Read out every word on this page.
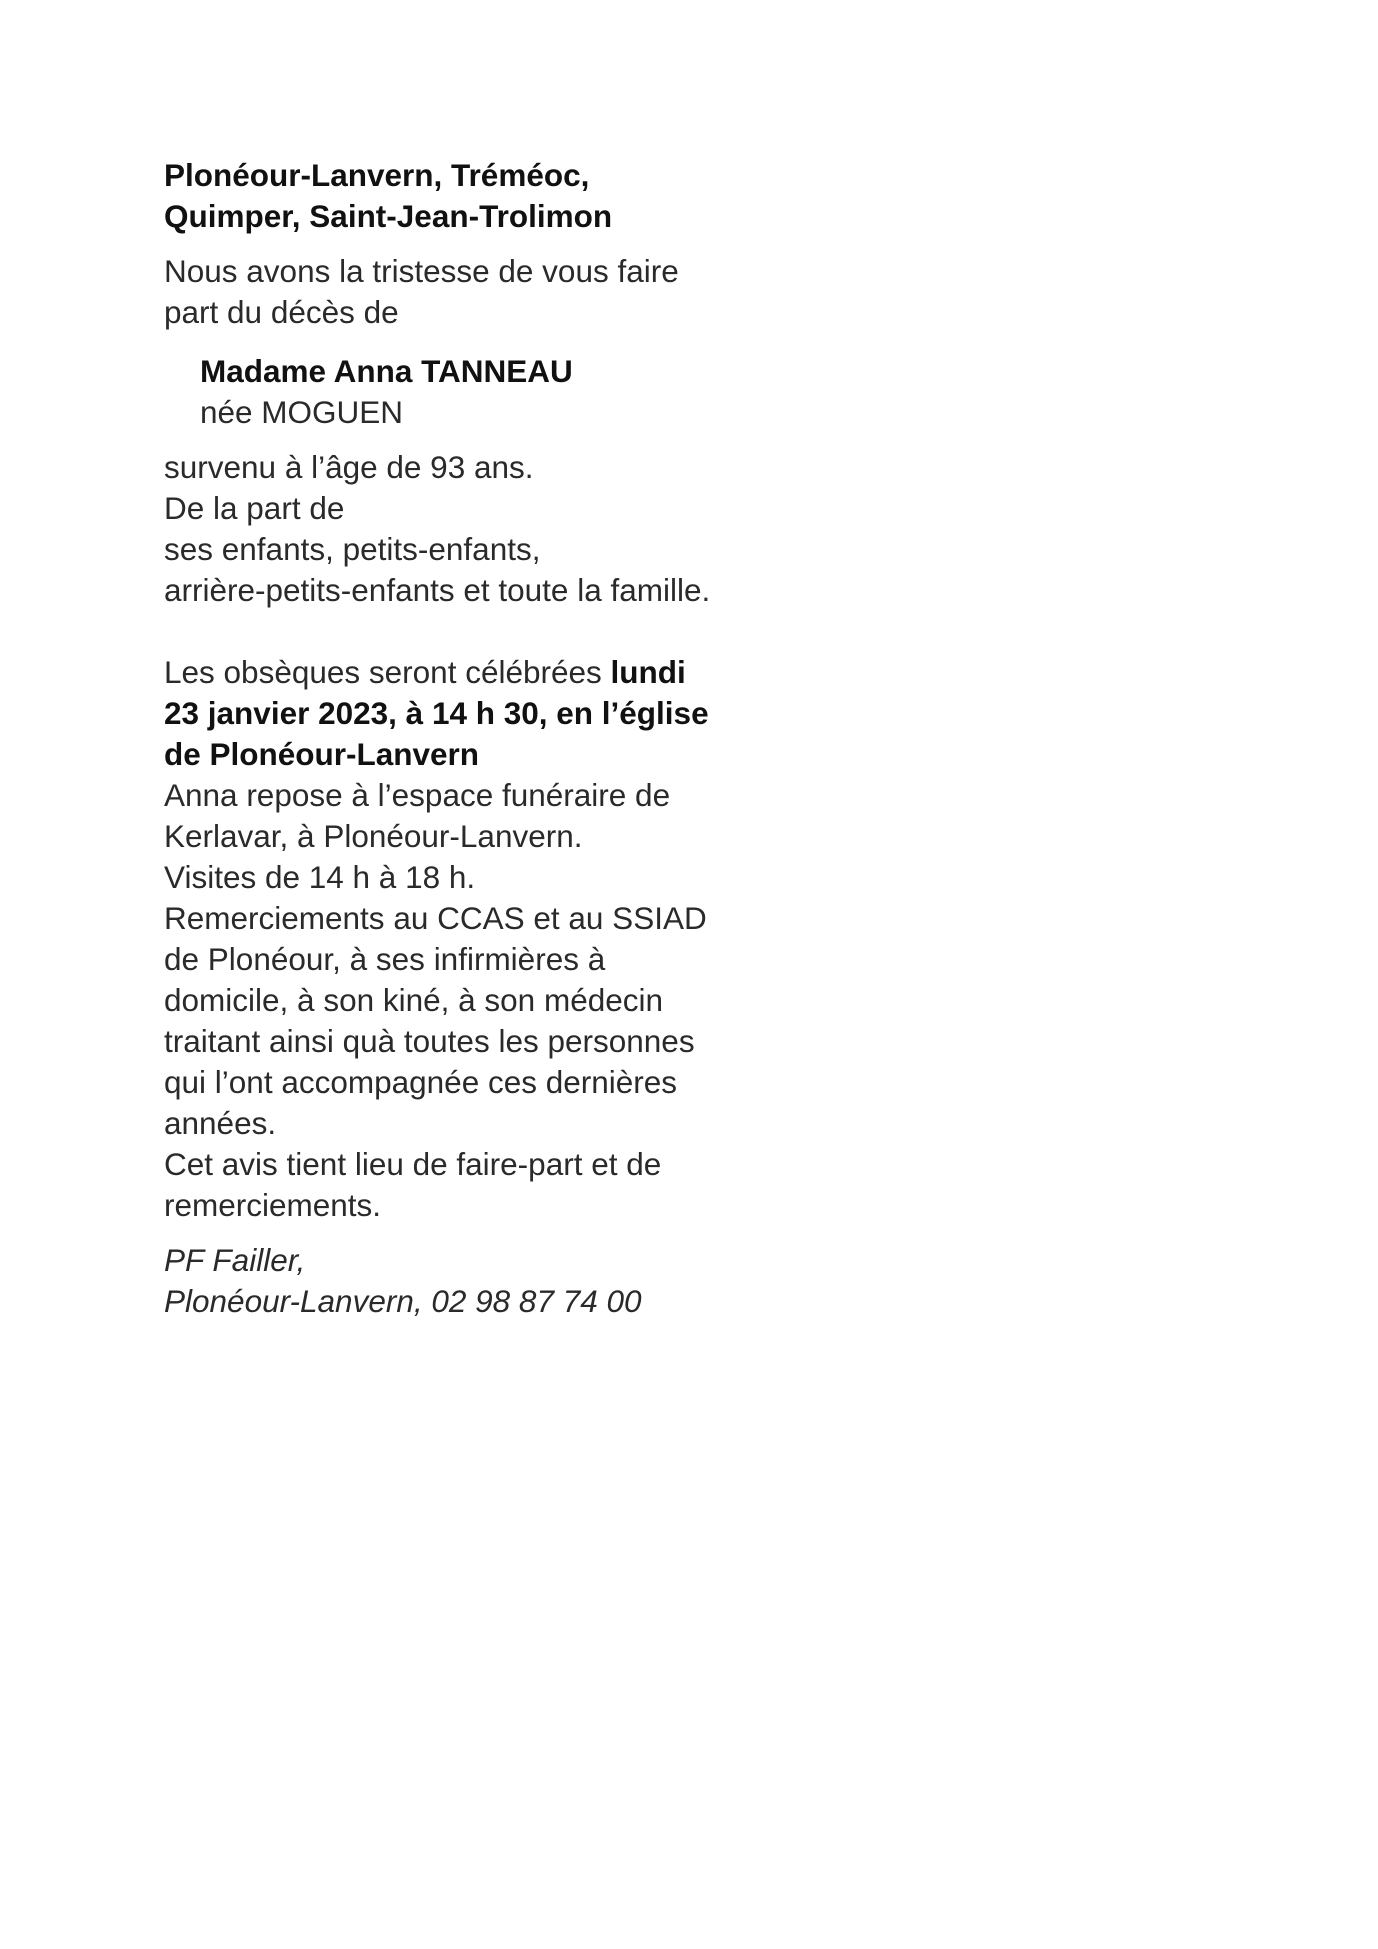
Plonéour-Lanvern, Tréméoc,
Quimper, Saint-Jean-Trolimon
Nous avons la tristesse de vous faire
part du décès de
Madame Anna TANNEAU
née MOGUEN
survenu à l’âge de 93 ans.
De la part de
ses enfants, petits-enfants,
arrière-petits-enfants et toute la famille.
Les obsèques seront célébrées lundi
23 janvier 2023, à 14 h 30, en l’église
de Plonéour-Lanvern
Anna repose à l’espace funéraire de
Kerlavar, à Plonéour-Lanvern.
Visites de 14 h à 18 h.
Remerciements au CCAS et au SSIAD
de Plonéour, à ses infirmières à
domicile, à son kiné, à son médecin
traitant ainsi quà toutes les personnes
qui l’ont accompagnée ces dernières
années.
Cet avis tient lieu de faire-part et de
remerciements.
PF Failler,
Plonéour-Lanvern, 02 98 87 74 00
